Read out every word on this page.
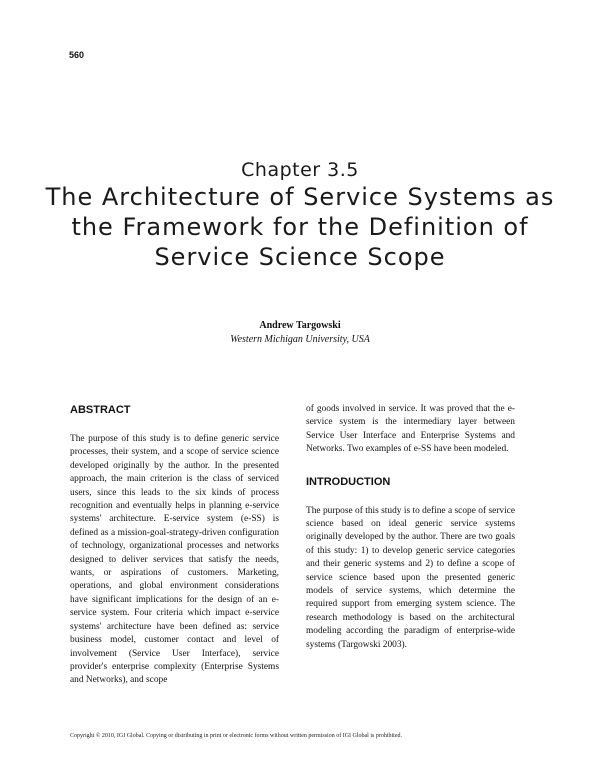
560
Chapter 3.5
The Architecture of Service Systems as the Framework for the Definition of Service Science Scope
Andrew Targowski
Western Michigan University, USA
ABSTRACT

The purpose of this study is to define generic service processes, their system, and a scope of service science developed originally by the author. In the presented approach, the main criterion is the class of serviced users, since this leads to the six kinds of process recognition and eventually helps in planning e-service systems' architecture. E-service system (e-SS) is defined as a mission-goal-strategy-driven configuration of technology, organizational processes and networks designed to deliver services that satisfy the needs, wants, or aspirations of customers. Marketing, operations, and global environment considerations have significant implications for the design of an e-service system. Four criteria which impact e-service systems' architecture have been defined as: service business model, customer contact and level of involvement (Service User Interface), service provider's enterprise complexity (Enterprise Systems and Networks), and scope

of goods involved in service. It was proved that the e-service system is the intermediary layer between Service User Interface and Enterprise Systems and Networks. Two examples of e-SS have been modeled.

INTRODUCTION

The purpose of this study is to define a scope of service science based on ideal generic service systems originally developed by the author. There are two goals of this study: 1) to develop generic service categories and their generic systems and 2) to define a scope of service science based upon the presented generic models of service systems, which determine the required support from emerging system science. The research methodology is based on the architectural modeling according the paradigm of enterprise-wide systems (Targowski 2003).

Copyright © 2010, IGI Global. Copying or distributing in print or electronic forms without written permission of IGI Global is prohibited.
